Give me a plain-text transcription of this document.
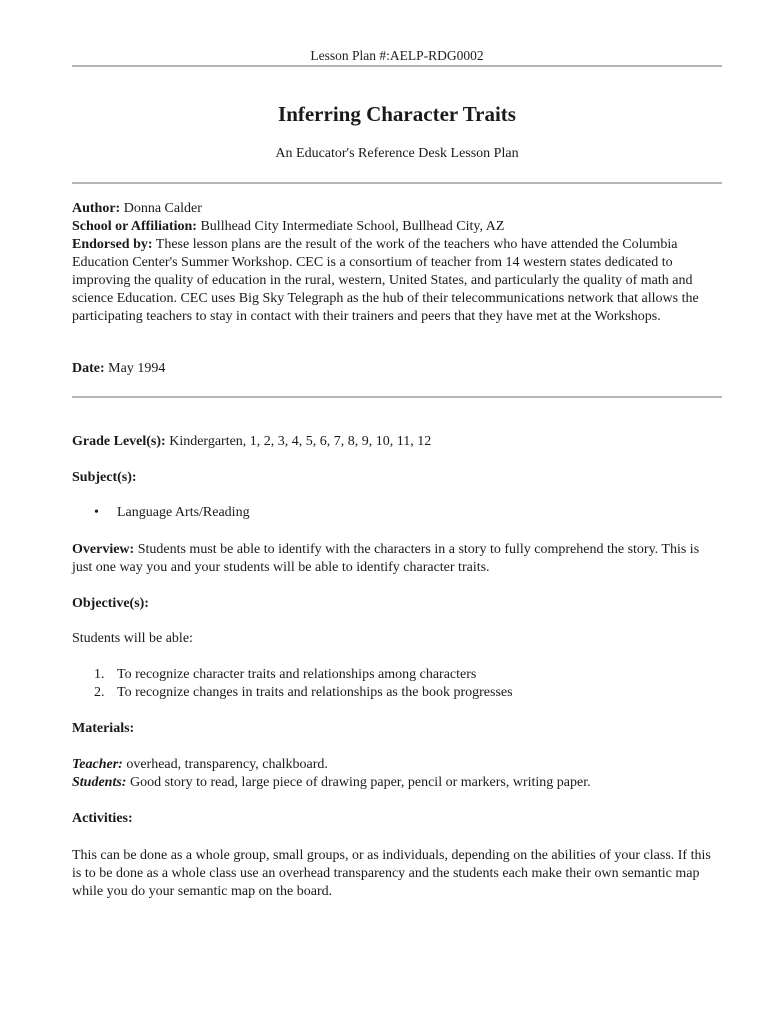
Lesson Plan #:AELP-RDG0002
Inferring Character Traits
An Educator's Reference Desk Lesson Plan
Author: Donna Calder
School or Affiliation: Bullhead City Intermediate School, Bullhead City, AZ
Endorsed by: These lesson plans are the result of the work of the teachers who have attended the Columbia Education Center's Summer Workshop. CEC is a consortium of teacher from 14 western states dedicated to improving the quality of education in the rural, western, United States, and particularly the quality of math and science Education. CEC uses Big Sky Telegraph as the hub of their telecommunications network that allows the participating teachers to stay in contact with their trainers and peers that they have met at the Workshops.
Date: May 1994
Grade Level(s): Kindergarten, 1, 2, 3, 4, 5, 6, 7, 8, 9, 10, 11, 12
Subject(s):
• Language Arts/Reading
Overview: Students must be able to identify with the characters in a story to fully comprehend the story. This is just one way you and your students will be able to identify character traits.
Objective(s):
Students will be able:
1. To recognize character traits and relationships among characters
2. To recognize changes in traits and relationships as the book progresses
Materials:
Teacher: overhead, transparency, chalkboard.
Students: Good story to read, large piece of drawing paper, pencil or markers, writing paper.
Activities:
This can be done as a whole group, small groups, or as individuals, depending on the abilities of your class. If this is to be done as a whole class use an overhead transparency and the students each make their own semantic map while you do your semantic map on the board.
